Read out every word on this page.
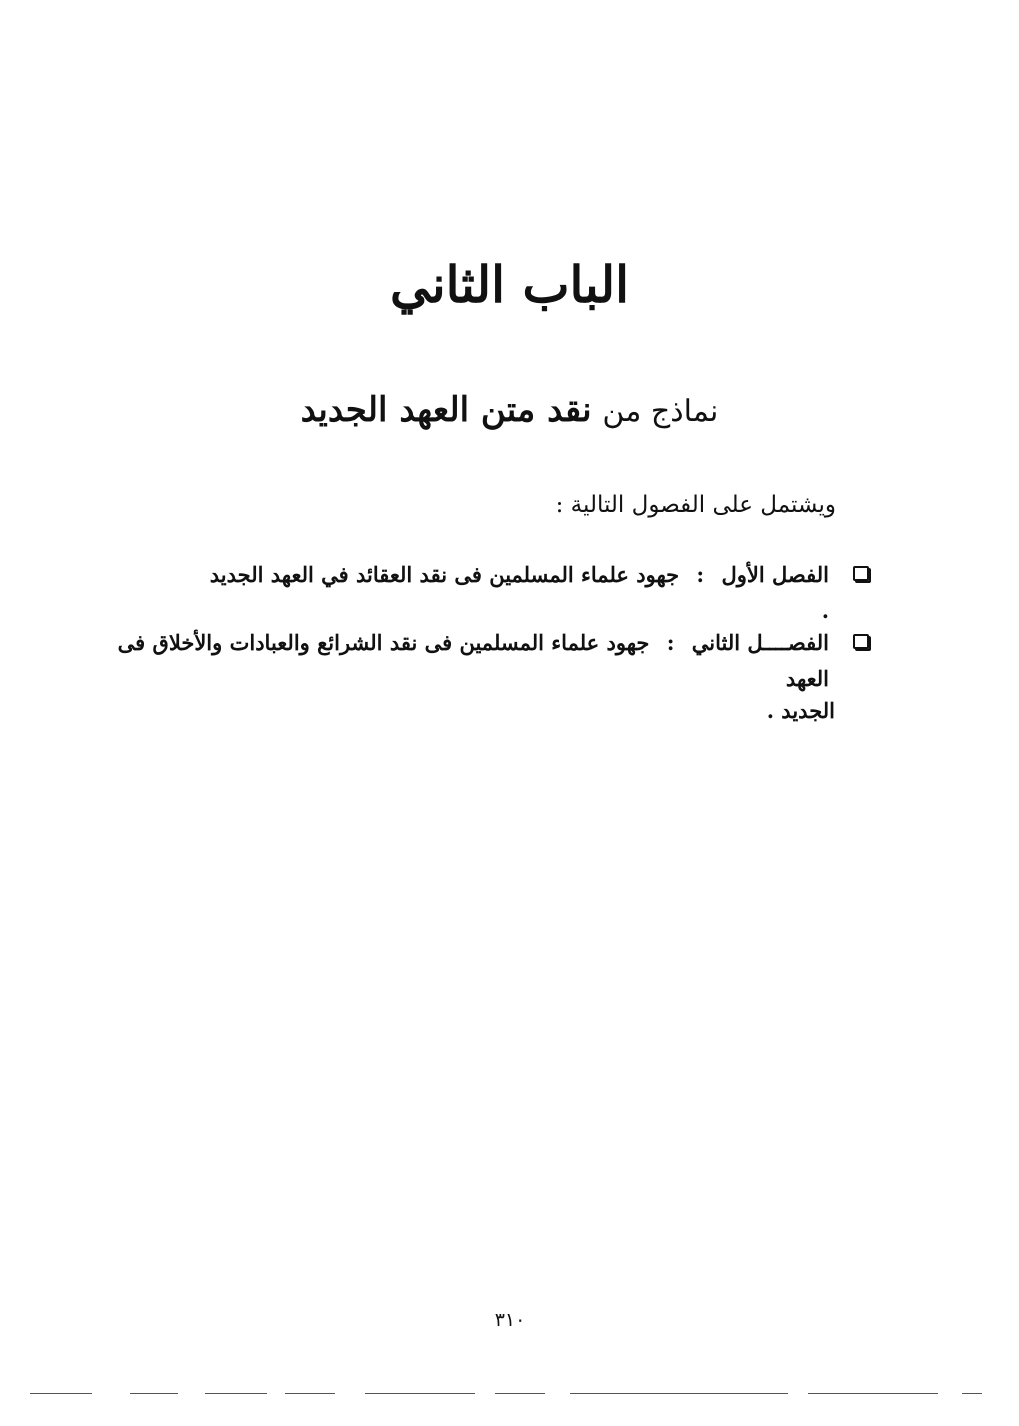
الباب الثاني
نماذج من نقد متن العهد الجديد
ويشتمل على الفصول التالية :
الفصل الأول : جهود علماء المسلمين فى نقد العقائد في العهد الجديد .
الفصــــل الثاني : جهود علماء المسلمين فى نقد الشرائع والعبادات والأخلاق فى العهد
الجديد .
٣١٠
